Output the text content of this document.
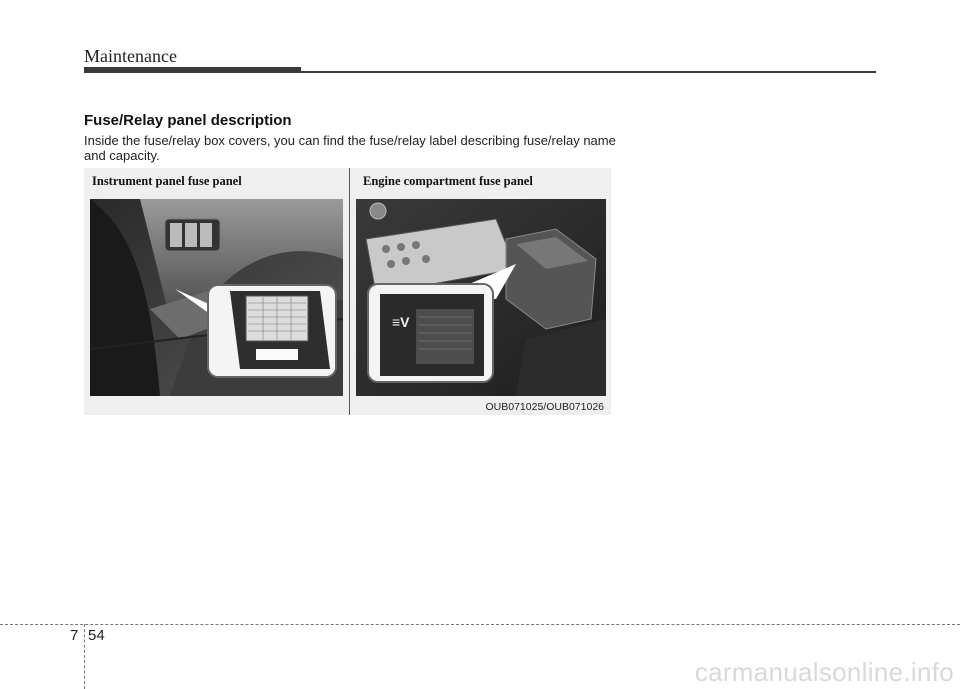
Maintenance
Fuse/Relay panel description
Inside the fuse/relay box covers, you can find the fuse/relay label describing fuse/relay name and capacity.
Instrument panel fuse panel	Engine compartment fuse panel
≡V
OUB071025/OUB071026
7 54
carmanualsonline.info
